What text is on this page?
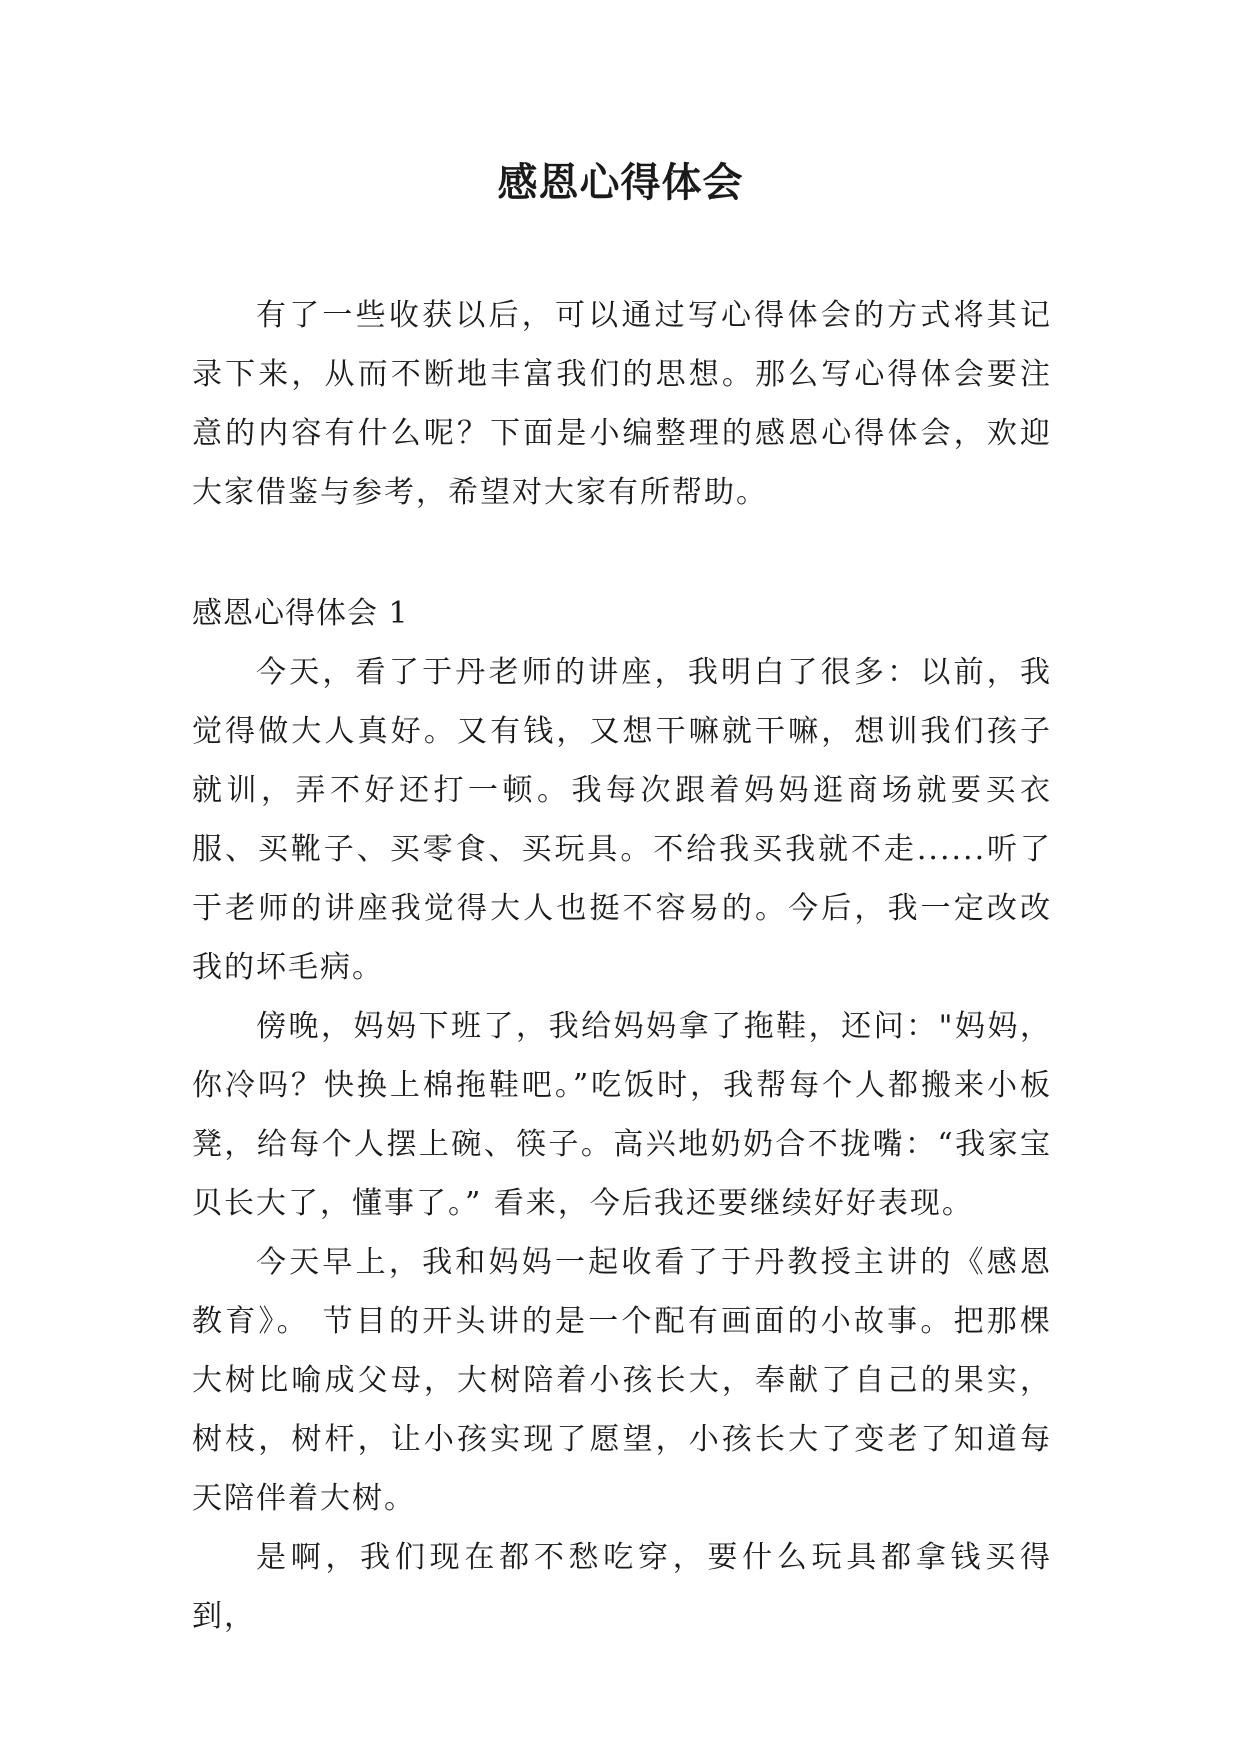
感恩心得体会

有了一些收获以后，可以通过写心得体会的方式将其记录下来，从而不断地丰富我们的思想。那么写心得体会要注意的内容有什么呢？下面是小编整理的感恩心得体会，欢迎大家借鉴与参考，希望对大家有所帮助。

感恩心得体会 1

今天，看了于丹老师的讲座，我明白了很多：以前，我觉得做大人真好。又有钱，又想干嘛就干嘛，想训我们孩子就训，弄不好还打一顿。我每次跟着妈妈逛商场就要买衣服、买靴子、买零食、买玩具。不给我买我就不走......听了于老师的讲座我觉得大人也挺不容易的。今后，我一定改改我的坏毛病。

傍晚，妈妈下班了，我给妈妈拿了拖鞋，还问："妈妈，你冷吗？快换上棉拖鞋吧。”吃饭时，我帮每个人都搬来小板凳，给每个人摆上碗、筷子。高兴地奶奶合不拢嘴：“我家宝贝长大了，懂事了。” 看来，今后我还要继续好好表现。

今天早上，我和妈妈一起收看了于丹教授主讲的《感恩教育》。 节目的开头讲的是一个配有画面的小故事。把那棵大树比喻成父母，大树陪着小孩长大，奉献了自己的果实，树枝，树杆，让小孩实现了愿望，小孩长大了变老了知道每天陪伴着大树。

是啊，我们现在都不愁吃穿，要什么玩具都拿钱买得到，
